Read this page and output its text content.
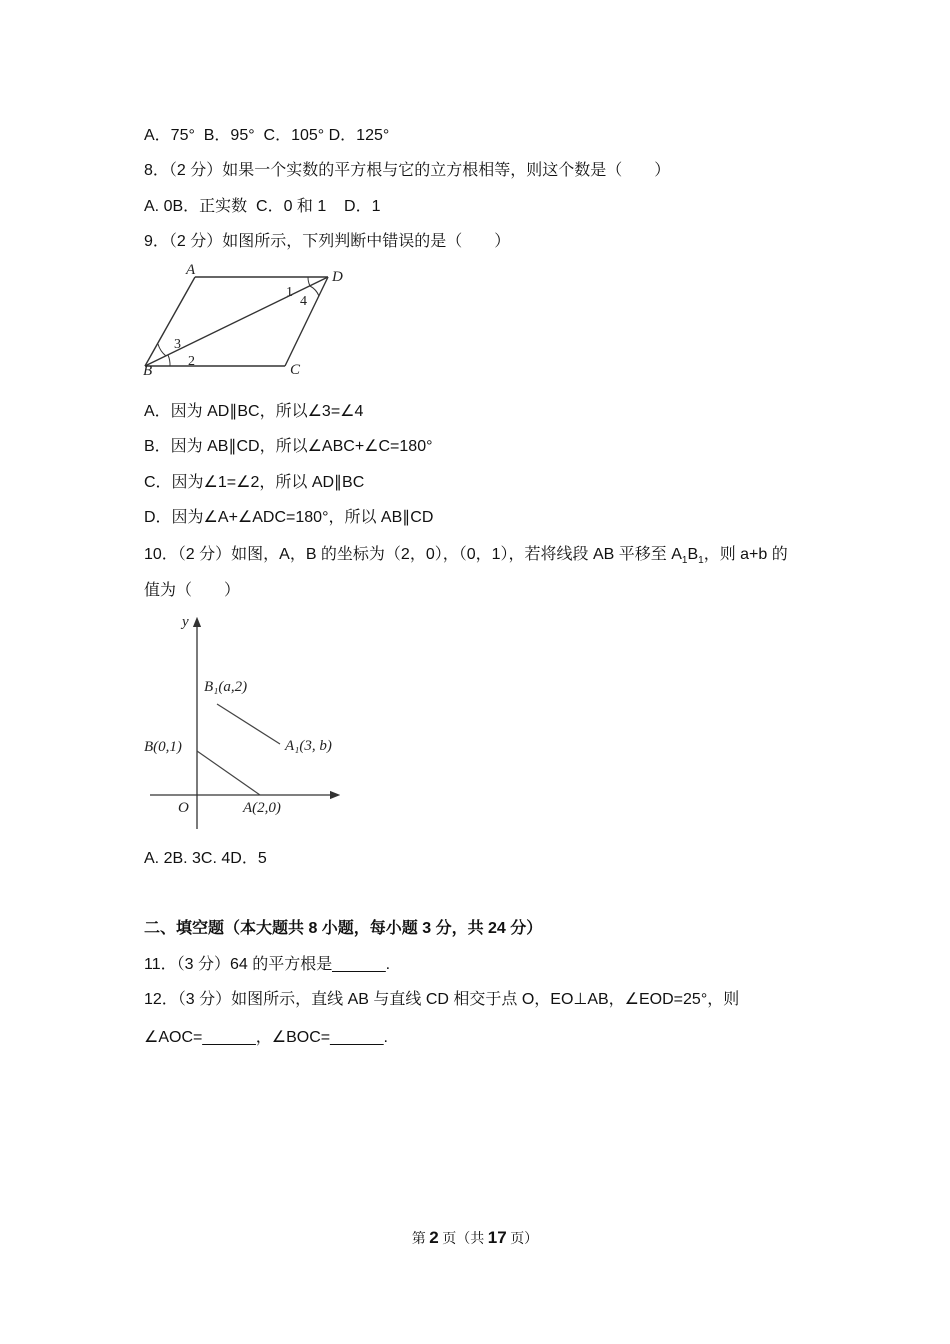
A．75°  B．95°  C．105° D．125°
8．（2 分）如果一个实数的平方根与它的立方根相等，则这个数是（　　）
A. 0B．正实数  C．0 和 1    D．1
9．（2 分）如图所示，下列判断中错误的是（　　）
A	D
B	C
1
4
3
2
A．因为 AD∥BC，所以∠3=∠4
B．因为 AB∥CD，所以∠ABC+∠C=180°
C．因为∠1=∠2，所以 AD∥BC
D．因为∠A+∠ADC=180°，所以 AB∥CD
10．（2 分）如图，A，B 的坐标为（2，0），（0，1），若将线段 AB 平移至 $A_1B_1$，则 a+b 的
值为（　　）
y
O
B(0,1)
A(2,0)
B₁(a,2)
A₁(3, b)
A. 2B. 3C. 4D．5
二、填空题（本大题共 8 小题，每小题 3 分，共 24 分）
11．（3 分）64 的平方根是______.
12．（3 分）如图所示，直线 AB 与直线 CD 相交于点 O，EO⊥AB，∠EOD=25°，则
∠AOC=______，∠BOC=______.
第 2 页（共 17 页）
